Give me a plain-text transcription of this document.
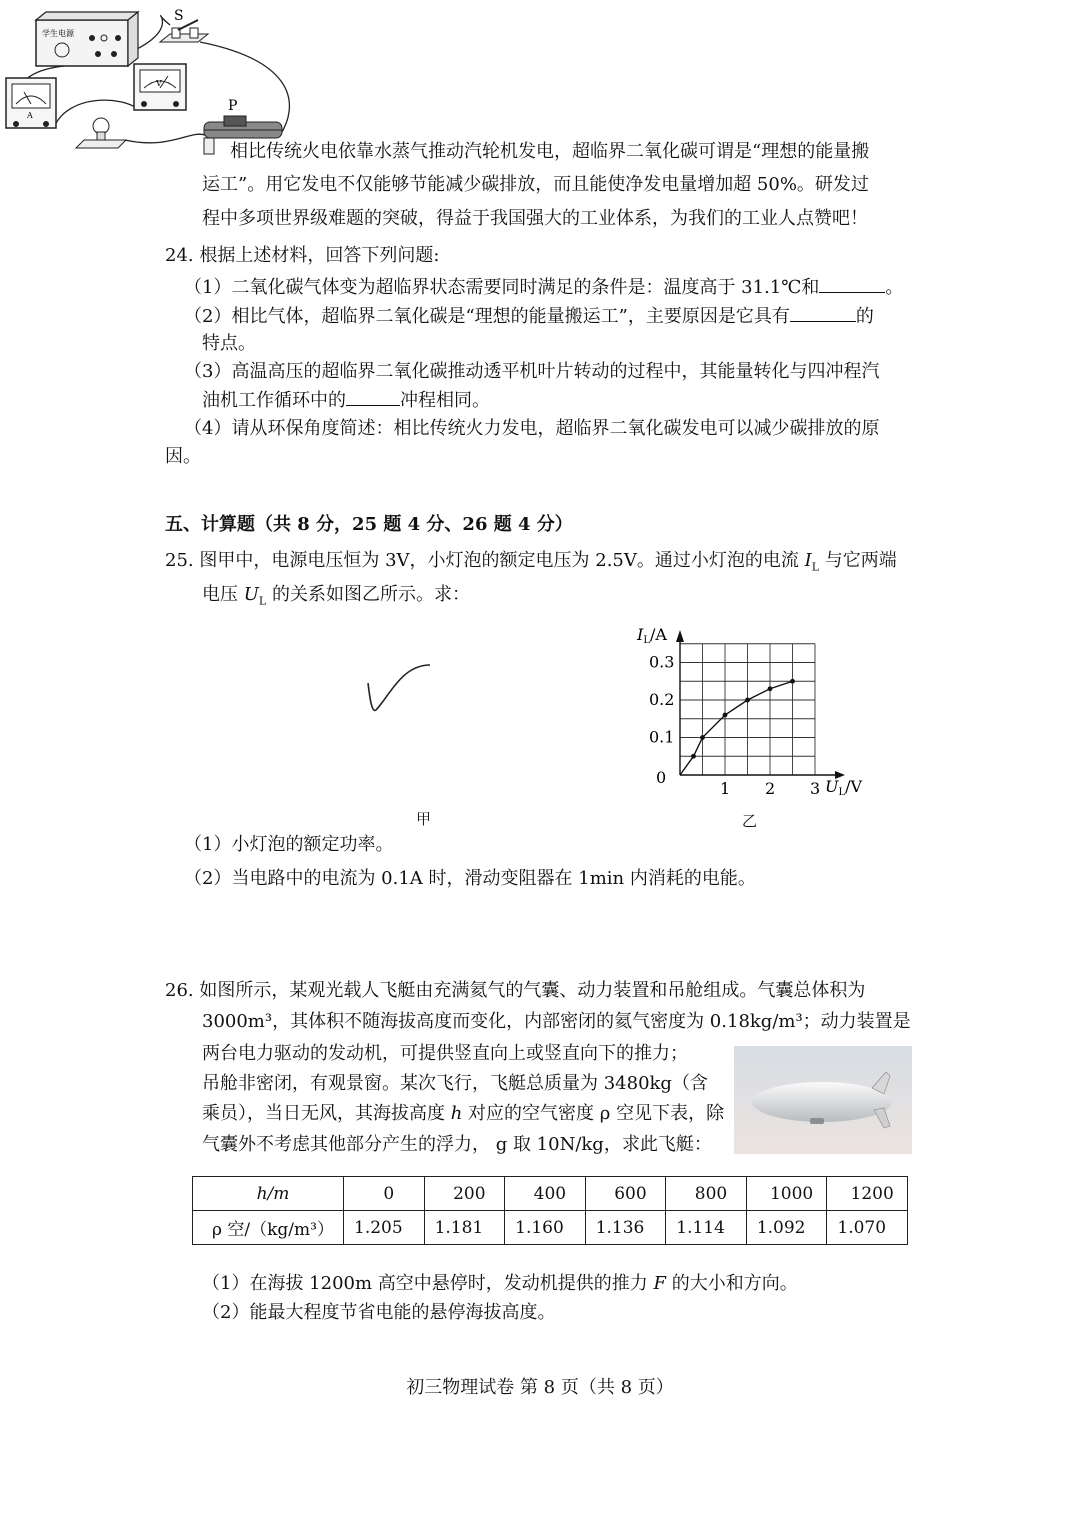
学生电源
S
A
V
P
相比传统火电依靠水蒸气推动汽轮机发电，超临界二氧化碳可谓是“理想的能量搬
运工”。用它发电不仅能够节能减少碳排放，而且能使净发电量增加超 50%。研发过
程中多项世界级难题的突破，得益于我国强大的工业体系，为我们的工业人点赞吧！
24. 根据上述材料，回答下列问题:
（1）二氧化碳气体变为超临界状态需要同时满足的条件是：温度高于 31.1℃和	。
（2）相比气体，超临界二氧化碳是“理想的能量搬运工”，主要原因是它具有	的
特点。
（3）高温高压的超临界二氧化碳推动透平机叶片转动的过程中，其能量转化与四冲程汽
油机工作循环中的	冲程相同。
（4）请从环保角度简述：相比传统火力发电，超临界二氧化碳发电可以减少碳排放的原
因。
五、计算题（共 8 分，25 题 4 分、26 题 4 分）
25. 图甲中，电源电压恒为 3V，小灯泡的额定电压为 2.5V。通过小灯泡的电流 $I_L$ 与它两端
电压 $U_L$ 的关系如图乙所示。求：
甲
IL/A
UL/V
0
1 2 3
0.1
0.2
0.3
乙
（1）小灯泡的额定功率。
（2）当电路中的电流为 0.1A 时，滑动变阻器在 1min 内消耗的电能。
26. 如图所示，某观光载人飞艇由充满氦气的气囊、动力装置和吊舱组成。气囊总体积为
3000m³，其体积不随海拔高度而变化，内部密闭的氦气密度为 0.18kg/m³；动力装置是
两台电力驱动的发动机，可提供竖直向上或竖直向下的推力；
吊舱非密闭，有观景窗。某次飞行，飞艇总质量为 3480kg（含
乘员），当日无风，其海拔高度 h 对应的空气密度 ρ 空见下表，除
气囊外不考虑其他部分产生的浮力， g 取 10N/kg，求此飞艇：
h/m	0	200	400	600	800	1000	1200
ρ 空/（kg/m³）	1.205	1.181	1.160	1.136	1.114	1.092	1.070
（1）在海拔 1200m 高空中悬停时，发动机提供的推力 F 的大小和方向。
（2）能最大程度节省电能的悬停海拔高度。
初三物理试卷 第 8 页（共 8 页）
